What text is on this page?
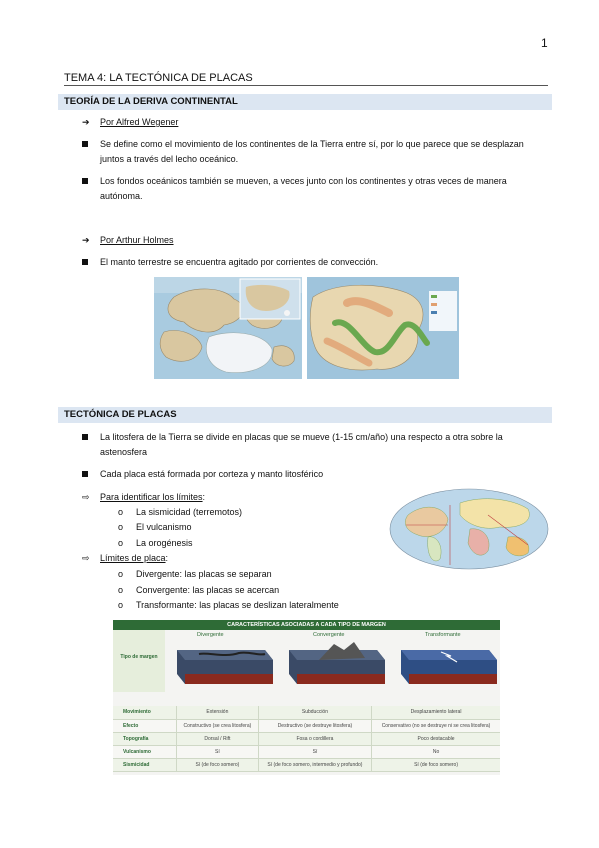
1
TEMA 4: LA TECTÓNICA DE PLACAS
TEORÍA DE LA DERIVA CONTINENTAL
➔	Por Alfred Wegener
Se define como el movimiento de los continentes de la Tierra entre sí, por lo que parece que se desplazan juntos a través del lecho oceánico.
Los fondos oceánicos también se mueven, a veces junto con los continentes y otras veces de manera autónoma.
➔	Por Arthur Holmes
El manto terrestre se encuentra agitado por corrientes de convección.
TECTÓNICA DE PLACAS
La litosfera de la Tierra se divide en placas que se mueve (1-15 cm/año) una respecto a otra sobre la astenosfera
Cada placa está formada por corteza y manto litosférico
⇨	Para identificar los límites:
o	La sismicidad (terremotos)
o	El vulcanismo
o	La orogénesis
⇨	Límites de placa:
o	Divergente: las placas se separan
o	Convergente: las placas se acercan
o	Transformante: las placas se deslizan lateralmente
CARACTERÍSTICAS ASOCIADAS A CADA TIPO DE MARGEN
Tipo de margen
Divergente	Convergente	Transformante
Movimiento	Extensión	Subducción	Desplazamiento lateral
Efecto	Constructivo (se crea litosfera)	Destructivo (se destruye litosfera)	Conservativo (no se destruye ni se crea litosfera)
Topografía	Dorsal / Rift	Fosa o cordillera	Poco destacable
Vulcanismo	Sí	Sí	No
Sismicidad	Sí (de foco somero)	Sí (de foco somero, intermedio y profundo)	Sí (de foco somero)
